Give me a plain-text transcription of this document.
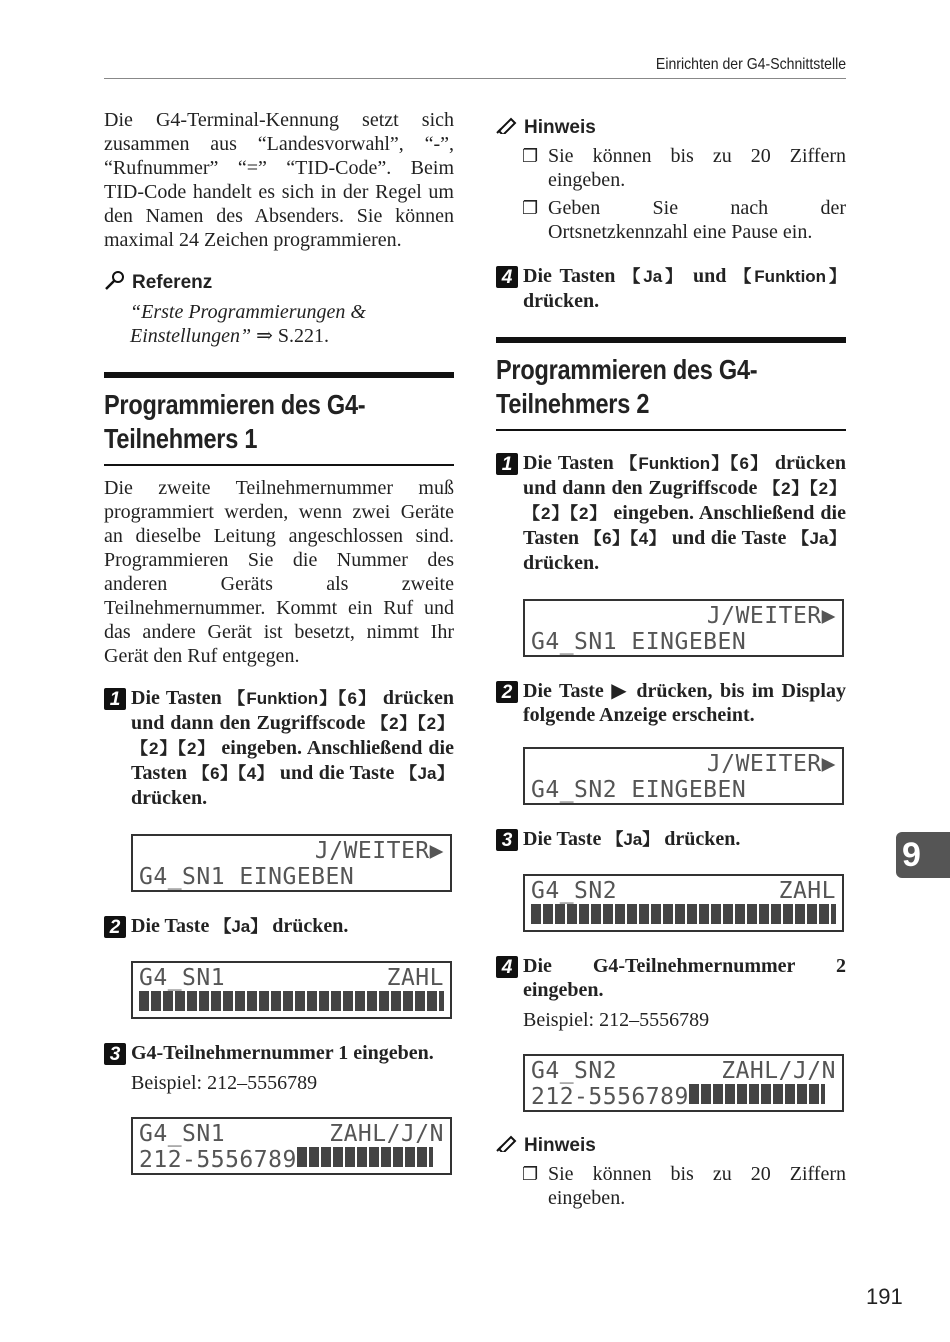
Einrichten der G4-Schnittstelle

Die G4-Terminal-Kennung setzt sich zusammen aus “Landesvorwahl”, “-”, “Rufnummer” “=” “TID-Code”. Beim TID-Code handelt es sich in der Regel um den Namen des Absenders. Sie können maximal 24 Zeichen programmieren.

Referenz

“Erste Programmierungen & Einstellungen” ⇒ S.221.
Programmieren des G4-Teilnehmers 1

Die zweite Teilnehmernummer muß programmiert werden, wenn zwei Geräte an dieselbe Leitung angeschlossen sind. Programmieren Sie die Nummer des anderen Geräts als zweite Teilnehmernummer. Kommt ein Ruf und das andere Gerät ist besetzt, nimmt Ihr Gerät den Ruf entgegen.

1 Die Tasten 【Funktion】【6】 drücken und dann den Zugriffscode 【2】【2】【2】【2】 eingeben. Anschließend die Tasten 【6】【4】 und die Taste 【Ja】 drücken.
J/WEITER▶
G4_SN1 EINGEBEN
2 Die Taste 【Ja】 drücken.
G4_SN1	ZAHL
3 G4-Teilnehmernummer 1 eingeben.
Beispiel: 212–5556789
G4_SN1	ZAHL/J/N
212-5556789

Hinweis

❐ Sie können bis zu 20 Ziffern eingeben.
❐ Geben Sie nach der Ortsnetzkennzahl eine Pause ein.
4 Die Tasten 【Ja】 und 【Funktion】 drücken.
Programmieren des G4-Teilnehmers 2
1 Die Tasten 【Funktion】【6】 drücken und dann den Zugriffscode 【2】【2】【2】【2】 eingeben. Anschließend die Tasten 【6】【4】 und die Taste 【Ja】 drücken.
J/WEITER▶
G4_SN1 EINGEBEN
2 Die Taste ▶ drücken, bis im Display folgende Anzeige erscheint.
J/WEITER▶
G4_SN2 EINGEBEN
3 Die Taste 【Ja】 drücken.
G4_SN2	ZAHL
4 Die G4-Teilnehmernummer 2 eingeben.
Beispiel: 212–5556789
G4_SN2	ZAHL/J/N
212-5556789

Hinweis

❐ Sie können bis zu 20 Ziffern eingeben.
9
191
